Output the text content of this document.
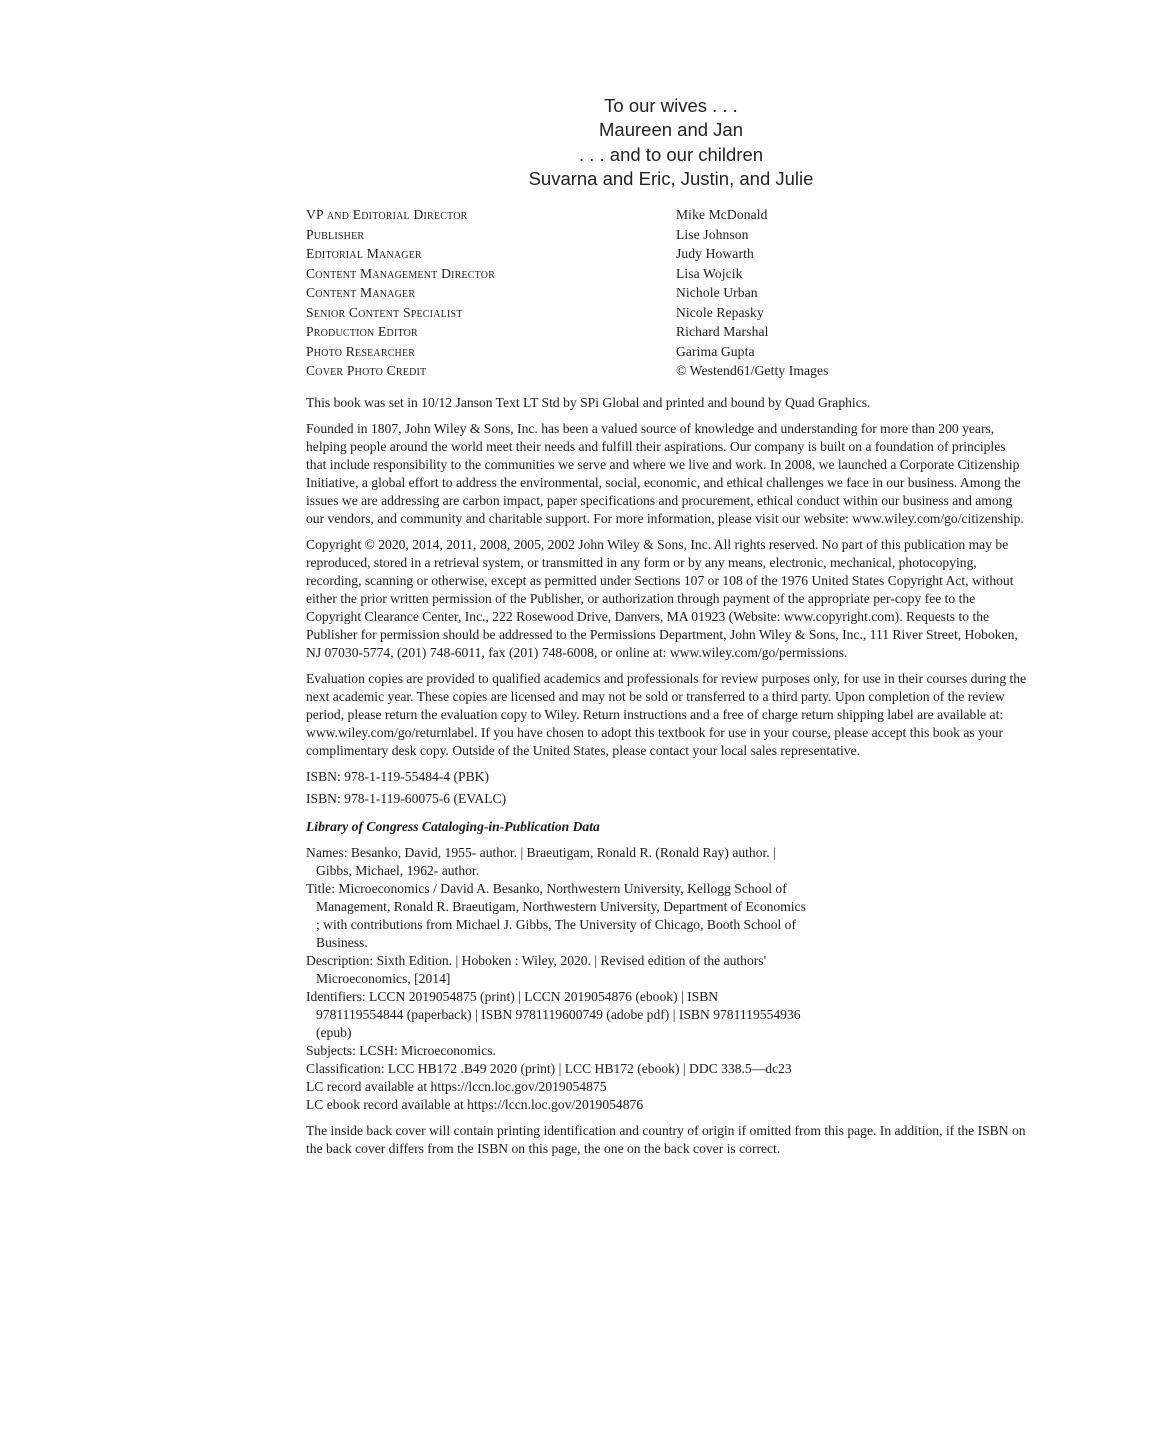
To our wives . . .
Maureen and Jan
. . . and to our children
Suvarna and Eric, Justin, and Julie
VP and Editorial Director	Mike McDonald
Publisher	Lise Johnson
Editorial Manager	Judy Howarth
Content Management Director	Lisa Wojcik
Content Manager	Nichole Urban
Senior Content Specialist	Nicole Repasky
Production Editor	Richard Marshal
Photo Researcher	Garima Gupta
Cover Photo Credit	© Westend61/Getty Images

This book was set in 10/12 Janson Text LT Std by SPi Global and printed and bound by Quad Graphics.

Founded in 1807, John Wiley & Sons, Inc. has been a valued source of knowledge and understanding for more than 200 years, helping people around the world meet their needs and fulfill their aspirations. Our company is built on a foundation of principles that include responsibility to the communities we serve and where we live and work. In 2008, we launched a Corporate Citizenship Initiative, a global effort to address the environmental, social, economic, and ethical challenges we face in our business. Among the issues we are addressing are carbon impact, paper specifications and procurement, ethical conduct within our business and among our vendors, and community and charitable support. For more information, please visit our website: www.wiley.com/go/citizenship.

Copyright © 2020, 2014, 2011, 2008, 2005, 2002 John Wiley & Sons, Inc. All rights reserved. No part of this publication may be reproduced, stored in a retrieval system, or transmitted in any form or by any means, electronic, mechanical, photocopying, recording, scanning or otherwise, except as permitted under Sections 107 or 108 of the 1976 United States Copyright Act, without either the prior written permission of the Publisher, or authorization through payment of the appropriate per-copy fee to the Copyright Clearance Center, Inc., 222 Rosewood Drive, Danvers, MA 01923 (Website: www.copyright.com). Requests to the Publisher for permission should be addressed to the Permissions Department, John Wiley & Sons, Inc., 111 River Street, Hoboken, NJ 07030-5774, (201) 748-6011, fax (201) 748-6008, or online at: www.wiley.com/go/permissions.

Evaluation copies are provided to qualified academics and professionals for review purposes only, for use in their courses during the next academic year. These copies are licensed and may not be sold or transferred to a third party. Upon completion of the review period, please return the evaluation copy to Wiley. Return instructions and a free of charge return shipping label are available at: www.wiley.com/go/returnlabel. If you have chosen to adopt this textbook for use in your course, please accept this book as your complimentary desk copy. Outside of the United States, please contact your local sales representative.

ISBN: 978-1-119-55484-4 (PBK)

ISBN: 978-1-119-60075-6 (EVALC)

Library of Congress Cataloging-in-Publication Data

Names: Besanko, David, 1955- author. | Braeutigam, Ronald R. (Ronald Ray) author. | Gibbs, Michael, 1962- author.

Title: Microeconomics / David A. Besanko, Northwestern University, Kellogg School of Management, Ronald R. Braeutigam, Northwestern University, Department of Economics ; with contributions from Michael J. Gibbs, The University of Chicago, Booth School of Business.

Description: Sixth Edition. | Hoboken : Wiley, 2020. | Revised edition of the authors' Microeconomics, [2014]

Identifiers: LCCN 2019054875 (print) | LCCN 2019054876 (ebook) | ISBN 9781119554844 (paperback) | ISBN 9781119600749 (adobe pdf) | ISBN 9781119554936 (epub)

Subjects: LCSH: Microeconomics.

Classification: LCC HB172 .B49 2020 (print) | LCC HB172 (ebook) | DDC 338.5—dc23

LC record available at https://lccn.loc.gov/2019054875

LC ebook record available at https://lccn.loc.gov/2019054876

The inside back cover will contain printing identification and country of origin if omitted from this page. In addition, if the ISBN on the back cover differs from the ISBN on this page, the one on the back cover is correct.
